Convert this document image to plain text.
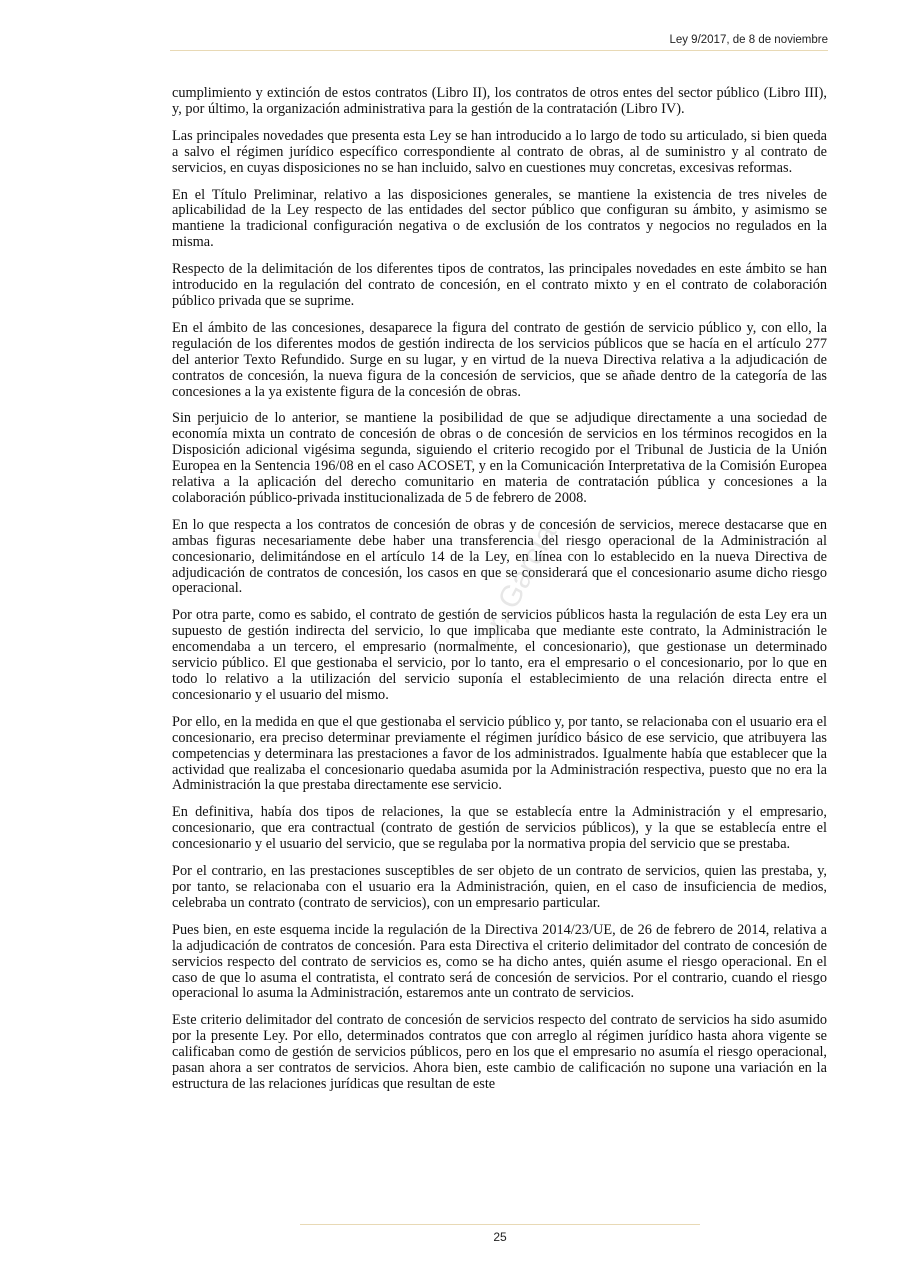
Ley 9/2017, de 8 de noviembre

cumplimiento y extinción de estos contratos (Libro II), los contratos de otros entes del sector público (Libro III), y, por último, la organización administrativa para la gestión de la contratación (Libro IV).

Las principales novedades que presenta esta Ley se han introducido a lo largo de todo su articulado, si bien queda a salvo el régimen jurídico específico correspondiente al contrato de obras, al de suministro y al contrato de servicios, en cuyas disposiciones no se han incluido, salvo en cuestiones muy concretas, excesivas reformas.

En el Título Preliminar, relativo a las disposiciones generales, se mantiene la existencia de tres niveles de aplicabilidad de la Ley respecto de las entidades del sector público que configuran su ámbito, y asimismo se mantiene la tradicional configuración negativa o de exclusión de los contratos y negocios no regulados en la misma.

Respecto de la delimitación de los diferentes tipos de contratos, las principales novedades en este ámbito se han introducido en la regulación del contrato de concesión, en el contrato mixto y en el contrato de colaboración público privada que se suprime.

En el ámbito de las concesiones, desaparece la figura del contrato de gestión de servicio público y, con ello, la regulación de los diferentes modos de gestión indirecta de los servicios públicos que se hacía en el artículo 277 del anterior Texto Refundido. Surge en su lugar, y en virtud de la nueva Directiva relativa a la adjudicación de contratos de concesión, la nueva figura de la concesión de servicios, que se añade dentro de la categoría de las concesiones a la ya existente figura de la concesión de obras.

Sin perjuicio de lo anterior, se mantiene la posibilidad de que se adjudique directamente a una sociedad de economía mixta un contrato de concesión de obras o de concesión de servicios en los términos recogidos en la Disposición adicional vigésima segunda, siguiendo el criterio recogido por el Tribunal de Justicia de la Unión Europea en la Sentencia 196/08 en el caso ACOSET, y en la Comunicación Interpretativa de la Comisión Europea relativa a la aplicación del derecho comunitario en materia de contratación pública y concesiones a la colaboración público-privada institucionalizada de 5 de febrero de 2008.

En lo que respecta a los contratos de concesión de obras y de concesión de servicios, merece destacarse que en ambas figuras necesariamente debe haber una transferencia del riesgo operacional de la Administración al concesionario, delimitándose en el artículo 14 de la Ley, en línea con lo establecido en la nueva Directiva de adjudicación de contratos de concesión, los casos en que se considerará que el concesionario asume dicho riesgo operacional.

Por otra parte, como es sabido, el contrato de gestión de servicios públicos hasta la regulación de esta Ley era un supuesto de gestión indirecta del servicio, lo que implicaba que mediante este contrato, la Administración le encomendaba a un tercero, el empresario (normalmente, el concesionario), que gestionase un determinado servicio público. El que gestionaba el servicio, por lo tanto, era el empresario o el concesionario, por lo que en todo lo relativo a la utilización del servicio suponía el establecimiento de una relación directa entre el concesionario y el usuario del mismo.

Por ello, en la medida en que el que gestionaba el servicio público y, por tanto, se relacionaba con el usuario era el concesionario, era preciso determinar previamente el régimen jurídico básico de ese servicio, que atribuyera las competencias y determinara las prestaciones a favor de los administrados. Igualmente había que establecer que la actividad que realizaba el concesionario quedaba asumida por la Administración respectiva, puesto que no era la Administración la que prestaba directamente ese servicio.

En definitiva, había dos tipos de relaciones, la que se establecía entre la Administración y el empresario, concesionario, que era contractual (contrato de gestión de servicios públicos), y la que se establecía entre el concesionario y el usuario del servicio, que se regulaba por la normativa propia del servicio que se prestaba.

Por el contrario, en las prestaciones susceptibles de ser objeto de un contrato de servicios, quien las prestaba, y, por tanto, se relacionaba con el usuario era la Administración, quien, en el caso de insuficiencia de medios, celebraba un contrato (contrato de servicios), con un empresario particular.

Pues bien, en este esquema incide la regulación de la Directiva 2014/23/UE, de 26 de febrero de 2014, relativa a la adjudicación de contratos de concesión. Para esta Directiva el criterio delimitador del contrato de concesión de servicios respecto del contrato de servicios es, como se ha dicho antes, quién asume el riesgo operacional. En el caso de que lo asuma el contratista, el contrato será de concesión de servicios. Por el contrario, cuando el riesgo operacional lo asuma la Administración, estaremos ante un contrato de servicios.

Este criterio delimitador del contrato de concesión de servicios respecto del contrato de servicios ha sido asumido por la presente Ley. Por ello, determinados contratos que con arreglo al régimen jurídico hasta ahora vigente se calificaban como de gestión de servicios públicos, pero en los que el empresario no asumía el riesgo operacional, pasan ahora a ser contratos de servicios. Ahora bien, este cambio de calificación no supone una variación en la estructura de las relaciones jurídicas que resultan de este

Dr. García
25
